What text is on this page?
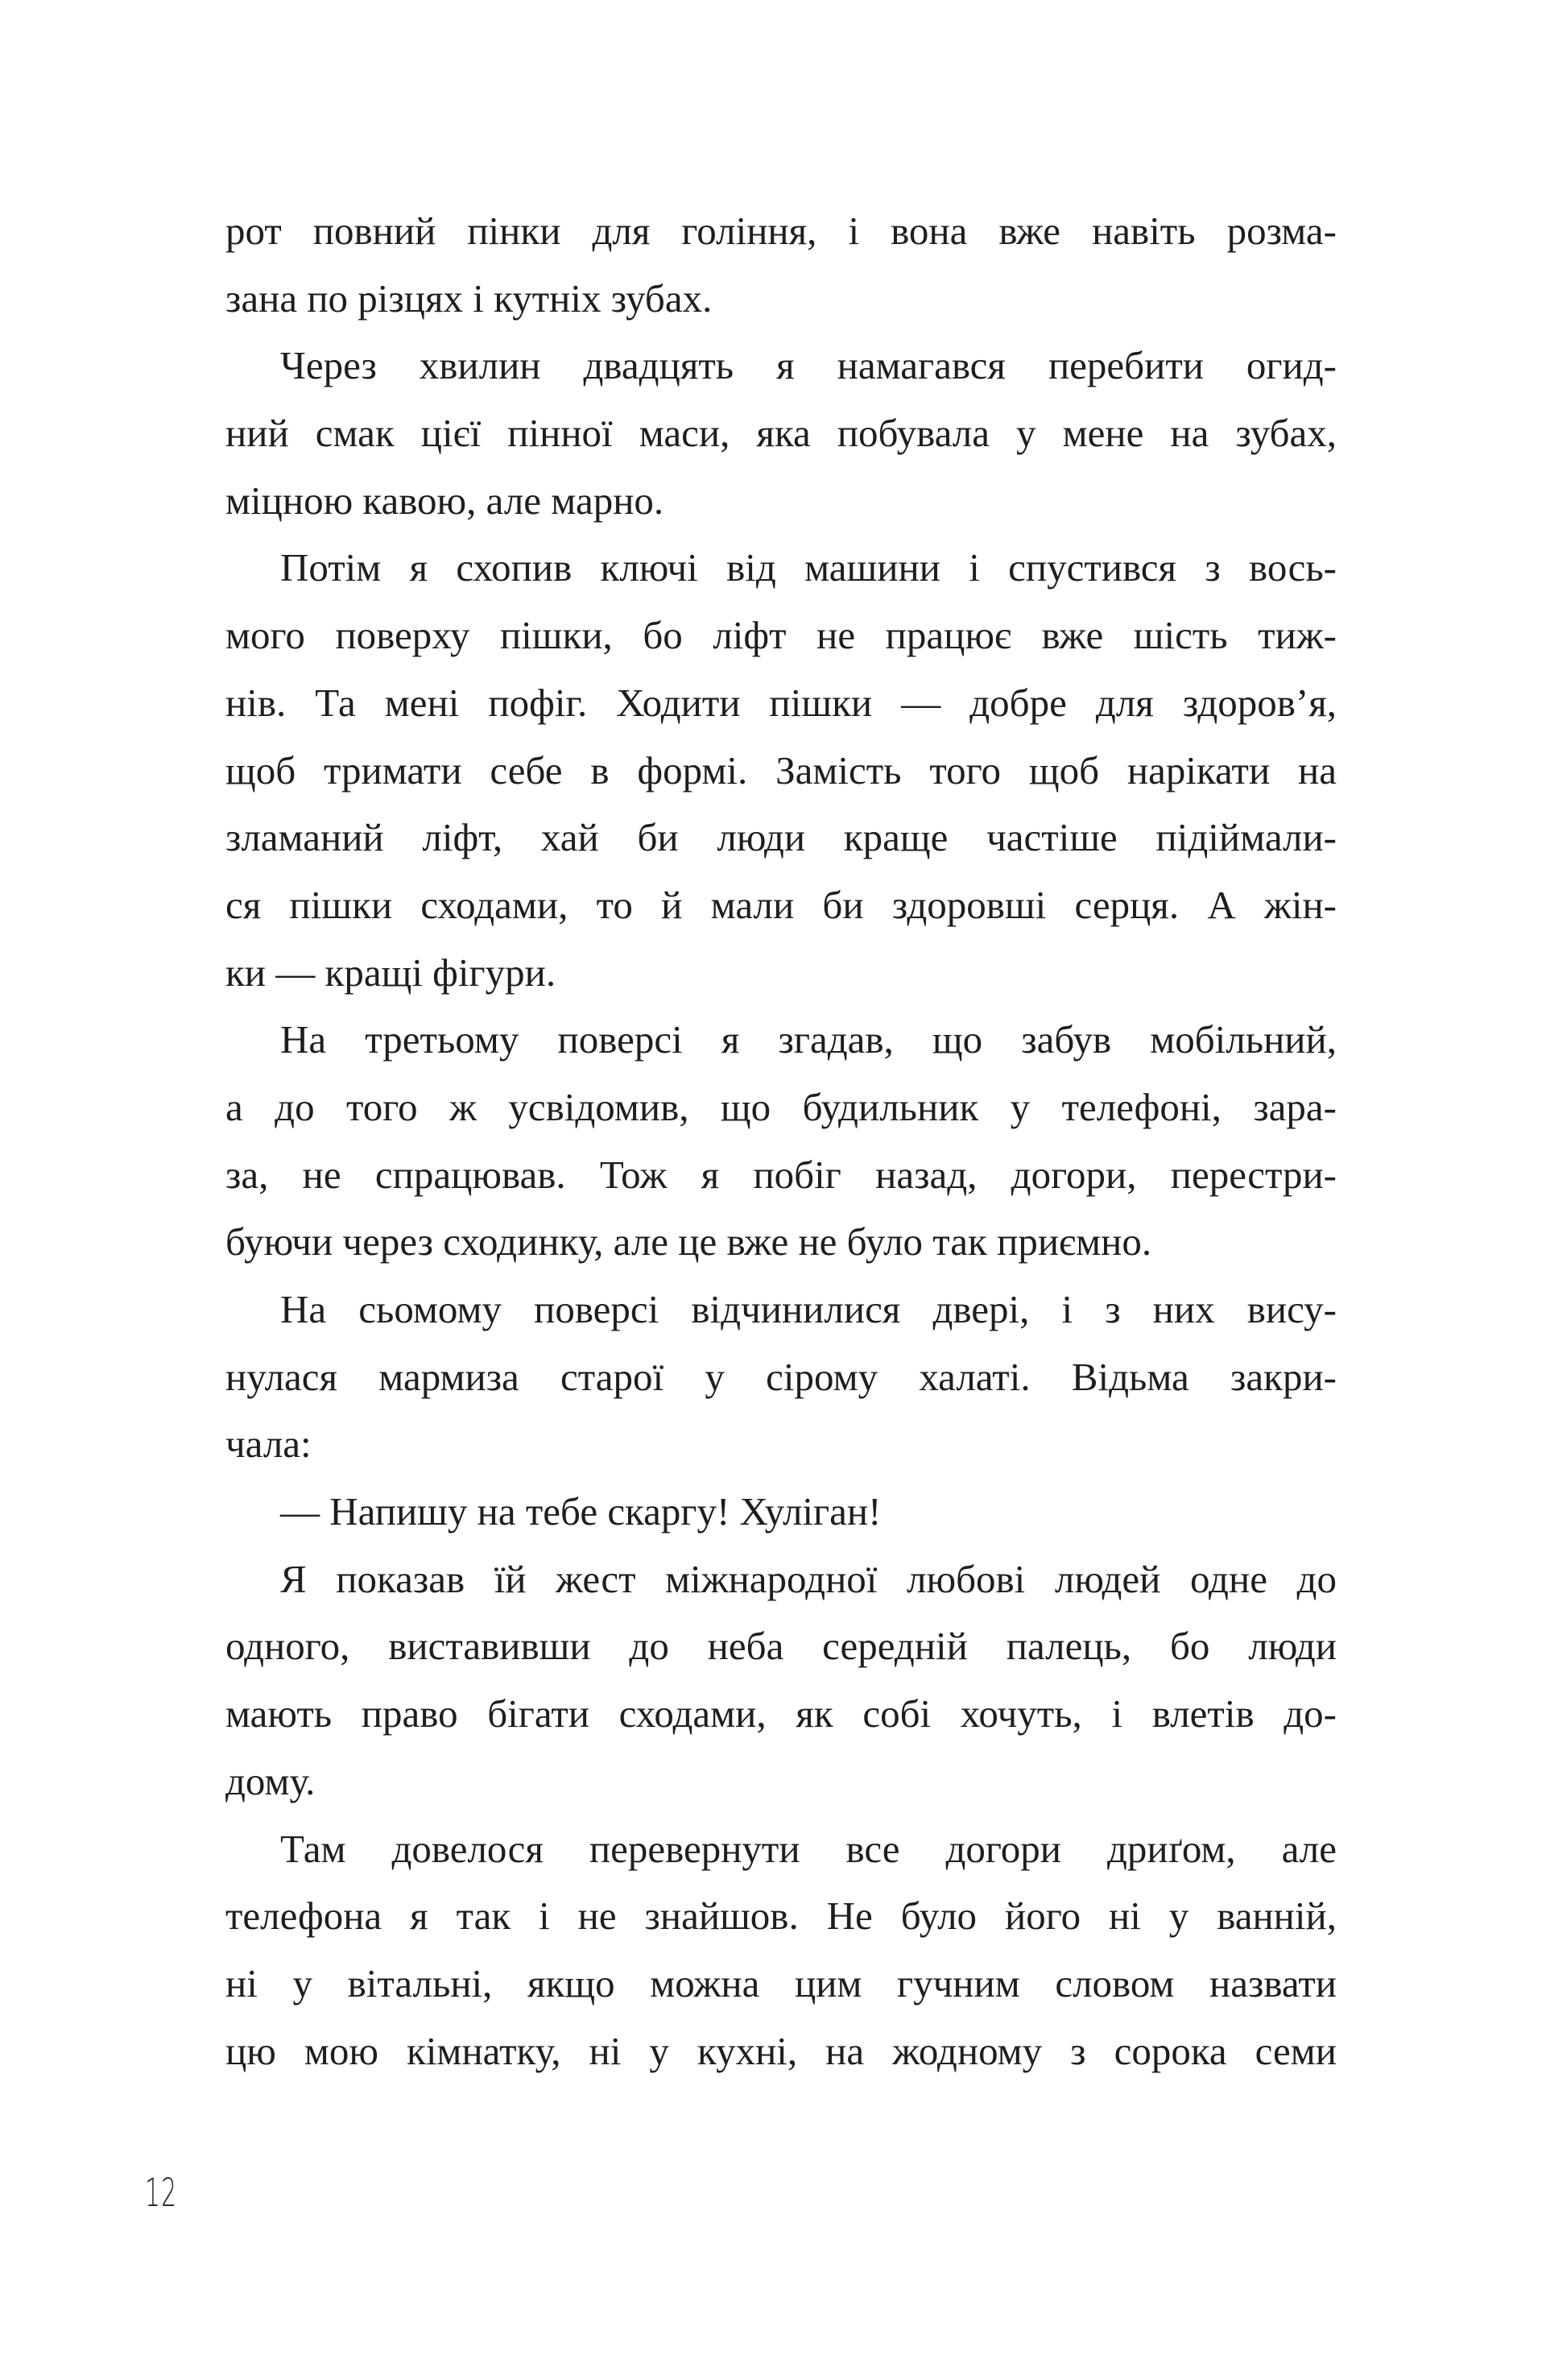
рот повний пінки для гоління, і вона вже навіть розма-
зана по різцях і кутніх зубах.
Через хвилин двадцять я намагався перебити огид-
ний смак цієї пінної маси, яка побувала у мене на зубах,
міцною кавою, але марно.
Потім я схопив ключі від машини і спустився з вось-
мого поверху пішки, бо ліфт не працює вже шість тиж-
нів. Та мені пофіг. Ходити пішки — добре для здоров’я,
щоб тримати себе в формі. Замість того щоб нарікати на
зламаний ліфт, хай би люди краще частіше підіймали-
ся пішки сходами, то й мали би здоровші серця. А жін-
ки — кращі фігури.
На третьому поверсі я згадав, що забув мобільний,
а до того ж усвідомив, що будильник у телефоні, зара-
за, не спрацював. Тож я побіг назад, догори, перестри-
буючи через сходинку, але це вже не було так приємно.
На сьомому поверсі відчинилися двері, і з них вису-
нулася мармиза старої у сірому халаті. Відьма закри-
чала:
— Напишу на тебе скаргу! Хуліган!
Я показав їй жест міжнародної любові людей одне до
одного, виставивши до неба середній палець, бо люди
мають право бігати сходами, як собі хочуть, і влетів до-
дому.
Там довелося перевернути все догори дриґом, але
телефона я так і не знайшов. Не було його ні у ванній,
ні у вітальні, якщо можна цим гучним словом назвати
цю мою кімнатку, ні у кухні, на жодному з сорока семи
12
